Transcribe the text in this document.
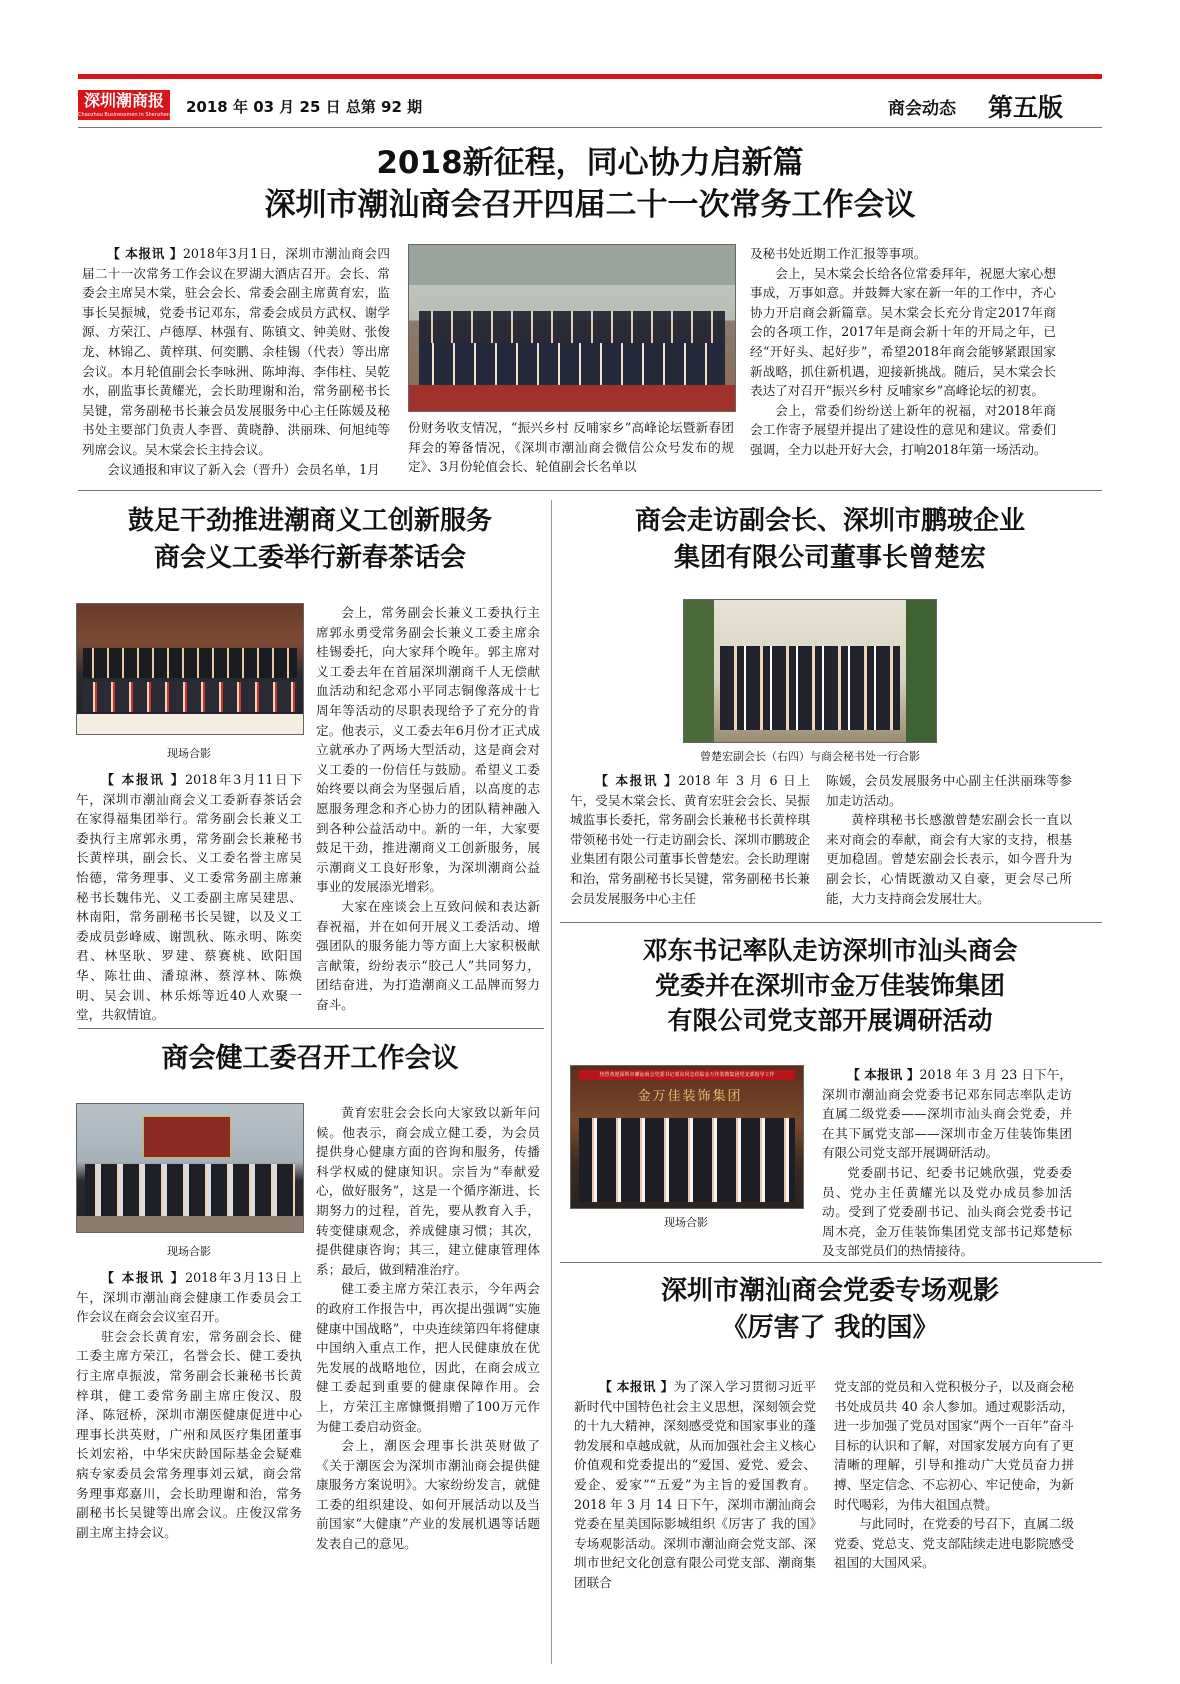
深圳潮商报
Chaozhou Businessmen in Shenzhen 2018 年 03 月 25 日 总第 92 期	商会动态 第五版
2018新征程，同心协力启新篇
深圳市潮汕商会召开四届二十一次常务工作会议

【 本报讯 】2018年3月1日，深圳市潮汕商会四届二十一次常务工作会议在罗湖大酒店召开。会长、常委会主席吴木棠，驻会会长、常委会副主席黄育宏，监事长吴振城，党委书记邓东，常委会成员方武权、谢学源、方荣江、卢德厚、林强有、陈镇文、钟美财、张俊龙、林锦乙、黄梓琪、何奕鹏、余桂锡（代表）等出席会议。本月轮值副会长李咏洲、陈坤海、李伟柱、吴乾水，副监事长黄耀光，会长助理谢和治，常务副秘书长吴键，常务副秘书长兼会员发展服务中心主任陈媛及秘书处主要部门负责人李晋、黄晓静、洪丽珠、何旭纯等列席会议。吴木棠会长主持会议。

会议通报和审议了新入会（晋升）会员名单，1月

份财务收支情况，“振兴乡村 反哺家乡”高峰论坛暨新春团拜会的筹备情况，《深圳市潮汕商会微信公众号发布的规定》、3月份轮值会长、轮值副会长名单以

及秘书处近期工作汇报等事项。

会上，吴木棠会长给各位常委拜年，祝愿大家心想事成，万事如意。并鼓舞大家在新一年的工作中，齐心协力开启商会新篇章。吴木棠会长充分肯定2017年商会的各项工作，2017年是商会新十年的开局之年，已经“开好头、起好步”，希望2018年商会能够紧跟国家新战略，抓住新机遇，迎接新挑战。随后，吴木棠会长表达了对召开“振兴乡村 反哺家乡”高峰论坛的初衷。

会上，常委们纷纷送上新年的祝福，对2018年商会工作寄予展望并提出了建设性的意见和建议。常委们强调，全力以赴开好大会，打响2018年第一场活动。

鼓足干劲推进潮商义工创新服务
商会义工委举行新春茶话会
现场合影

【 本报讯 】2018年3月11日下午，深圳市潮汕商会义工委新春茶话会在家得福集团举行。常务副会长兼义工委执行主席郭永勇，常务副会长兼秘书长黄梓琪，副会长、义工委名誉主席吴怡德，常务理事、义工委常务副主席兼秘书长魏伟光、义工委副主席吴建思、林南阳，常务副秘书长吴键，以及义工委成员彭峰威、谢凯秋、陈永明、陈奕君、林坚耿、罗建、蔡赛桃、欧阳国华、陈壮曲、潘琼淋、蔡淳林、陈焕明、吴会训、林乐烁等近40人欢聚一堂，共叙情谊。

会上，常务副会长兼义工委执行主席郭永勇受常务副会长兼义工委主席余桂锡委托，向大家拜个晚年。郭主席对义工委去年在首届深圳潮商千人无偿献血活动和纪念邓小平同志铜像落成十七周年等活动的尽职表现给予了充分的肯定。他表示，义工委去年6月份才正式成立就承办了两场大型活动，这是商会对义工委的一份信任与鼓励。希望义工委始终要以商会为坚强后盾，以高度的志愿服务理念和齐心协力的团队精神融入到各种公益活动中。新的一年，大家要鼓足干劲，推进潮商义工创新服务，展示潮商义工良好形象，为深圳潮商公益事业的发展添光增彩。

大家在座谈会上互致问候和表达新春祝福，并在如何开展义工委活动、增强团队的服务能力等方面上大家积极献言献策，纷纷表示“胶己人”共同努力，团结奋进，为打造潮商义工品牌而努力奋斗。

商会健工委召开工作会议
现场合影

【 本报讯 】2018年3月13日上午，深圳市潮汕商会健康工作委员会工作会议在商会会议室召开。

驻会会长黄育宏，常务副会长、健工委主席方荣江，名誉会长、健工委执行主席卓振波，常务副会长兼秘书长黄梓琪，健工委常务副主席庄俊汉、殷泽、陈冠桥，深圳市潮医健康促进中心理事长洪英财，广州和凤医疗集团董事长刘宏裕，中华宋庆龄国际基金会疑难病专家委员会常务理事刘云斌，商会常务理事郑嘉川，会长助理谢和治，常务副秘书长吴键等出席会议。庄俊汉常务副主席主持会议。

黄育宏驻会会长向大家致以新年问候。他表示，商会成立健工委，为会员提供身心健康方面的咨询和服务，传播科学权威的健康知识。宗旨为“奉献爱心，做好服务”，这是一个循序渐进、长期努力的过程，首先，要从教育入手，转变健康观念，养成健康习惯；其次，提供健康咨询；其三，建立健康管理体系；最后，做到精准治疗。

健工委主席方荣江表示，今年两会的政府工作报告中，再次提出强调“实施健康中国战略”，中央连续第四年将健康中国纳入重点工作，把人民健康放在优先发展的战略地位，因此，在商会成立健工委起到重要的健康保障作用。会上，方荣江主席慷慨捐赠了100万元作为健工委启动资金。

会上，潮医会理事长洪英财做了《关于潮医会为深圳市潮汕商会提供健康服务方案说明》。大家纷纷发言，就健工委的组织建设、如何开展活动以及当前国家“大健康”产业的发展机遇等话题发表自己的意见。

商会走访副会长、深圳市鹏玻企业
集团有限公司董事长曾楚宏
曾楚宏副会长（右四）与商会秘书处一行合影

【 本报讯 】2018 年 3 月 6 日上午，受吴木棠会长、黄育宏驻会会长、吴振城监事长委托，常务副会长兼秘书长黄梓琪带领秘书处一行走访副会长、深圳市鹏玻企业集团有限公司董事长曾楚宏。会长助理谢和治，常务副秘书长吴键，常务副秘书长兼会员发展服务中心主任

陈媛，会员发展服务中心副主任洪丽珠等参加走访活动。

黄梓琪秘书长感激曾楚宏副会长一直以来对商会的奉献，商会有大家的支持，根基更加稳固。曾楚宏副会长表示，如今晋升为副会长，心情既激动又自豪，更会尽己所能，大力支持商会发展壮大。

邓东书记率队走访深圳市汕头商会
党委并在深圳市金万佳装饰集团
有限公司党支部开展调研活动
热烈欢迎深圳市潮汕商会党委书记邓东同志莅临金万佳装饰集团党支部指导工作
金万佳装饰集团
现场合影

【 本报讯 】2018 年 3 月 23 日下午，深圳市潮汕商会党委书记邓东同志率队走访直属二级党委——深圳市汕头商会党委，并在其下属党支部——深圳市金万佳装饰集团有限公司党支部开展调研活动。

党委副书记、纪委书记姚欣强，党委委员、党办主任黄耀光以及党办成员参加活动。受到了党委副书记、汕头商会党委书记周木亮，金万佳装饰集团党支部书记郑楚标及支部党员们的热情接待。

深圳市潮汕商会党委专场观影
《厉害了 我的国》

【 本报讯 】为了深入学习贯彻习近平新时代中国特色社会主义思想，深刻领会党的十九大精神，深刻感受党和国家事业的蓬勃发展和卓越成就，从而加强社会主义核心价值观和党委提出的“爱国、爱党、爱会、爱企、爱家”“五爱”为主旨的爱国教育。2018 年 3 月 14 日下午，深圳市潮汕商会党委在星美国际影城组织《厉害了 我的国》专场观影活动。深圳市潮汕商会党支部、深圳市世纪文化创意有限公司党支部、潮商集团联合

党支部的党员和入党积极分子，以及商会秘书处成员共 40 余人参加。通过观影活动，进一步加强了党员对国家“两个一百年”奋斗目标的认识和了解，对国家发展方向有了更清晰的理解，引导和推动广大党员奋力拼搏、坚定信念、不忘初心、牢记使命，为新时代喝彩，为伟大祖国点赞。

与此同时，在党委的号召下，直属二级党委、党总支、党支部陆续走进电影院感受祖国的大国风采。
